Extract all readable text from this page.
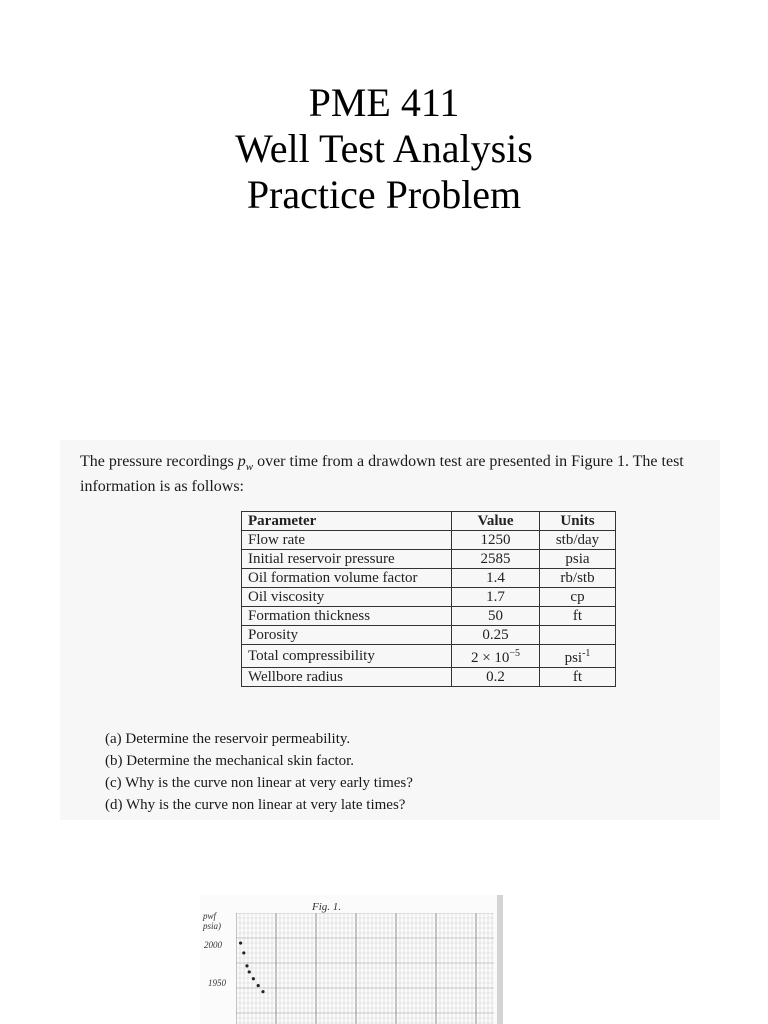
PME 411
Well Test Analysis
Practice Problem
The pressure recordings $p_w$ over time from a drawdown test are presented in Figure 1. The test information is as follows:
Parameter	Value	Units
Flow rate	1250	stb/day
Initial reservoir pressure	2585	psia
Oil formation volume factor	1.4	rb/stb
Oil viscosity	1.7	cp
Formation thickness	50	ft
Porosity	0.25	
Total compressibility	$2 \times 10^{-5}$	psi$^{-1}$
Wellbore radius	0.2	ft
(a) Determine the reservoir permeability.
(b) Determine the mechanical skin factor.
(c) Why is the curve non linear at very early times?
(d) Why is the curve non linear at very late times?
Fig. 1.
pwf
psia)
2000
1950
